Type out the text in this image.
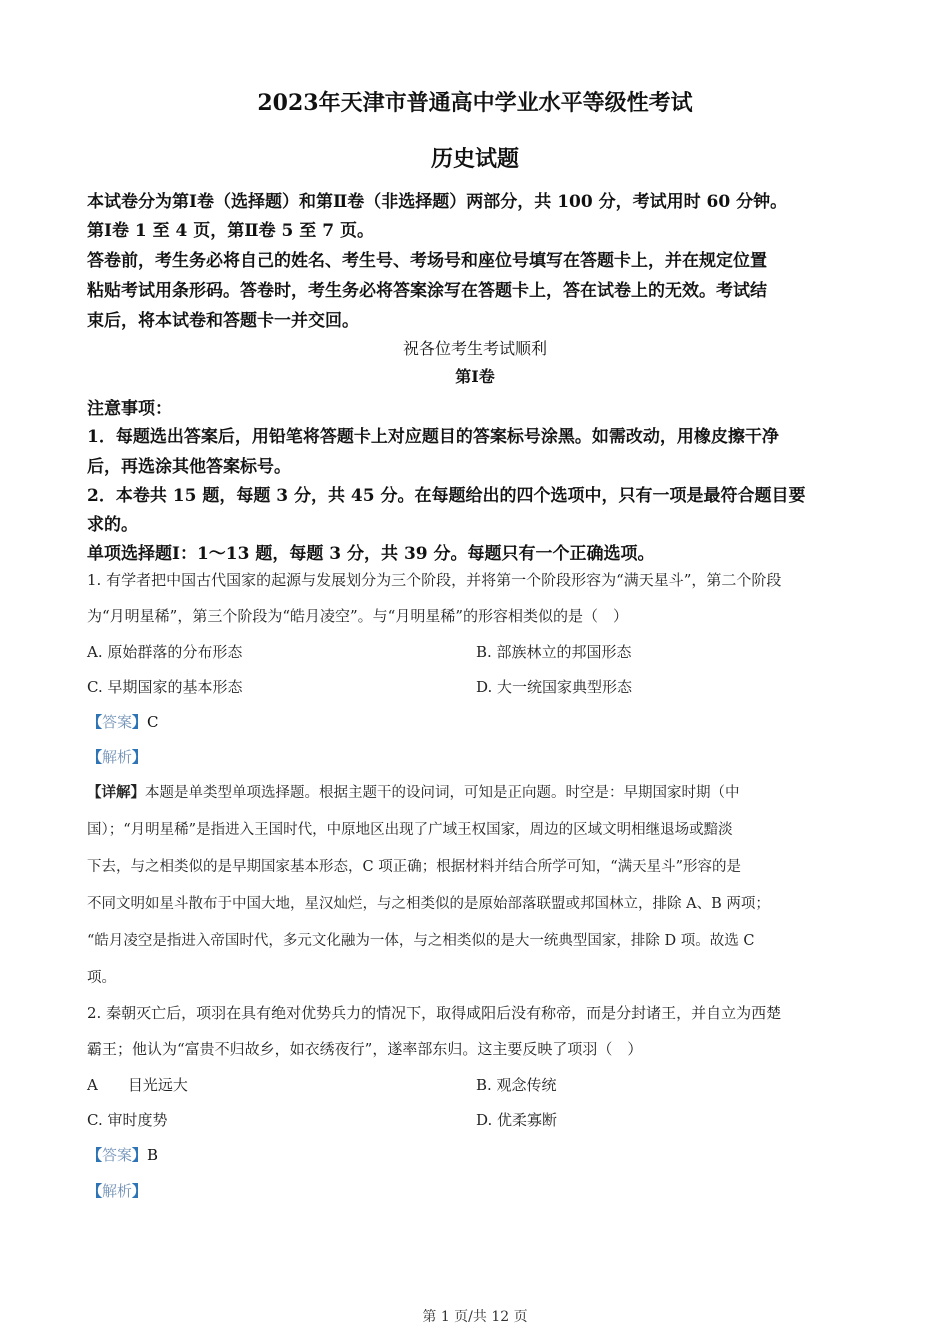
2023年天津市普通高中学业水平等级性考试
历史试题
本试卷分为第Ⅰ卷（选择题）和第Ⅱ卷（非选择题）两部分，共 100 分，考试用时 60 分钟。
第Ⅰ卷 1 至 4 页，第Ⅱ卷 5 至 7 页。
答卷前，考生务必将自己的姓名、考生号、考场号和座位号填写在答题卡上，并在规定位置
粘贴考试用条形码。答卷时，考生务必将答案涂写在答题卡上，答在试卷上的无效。考试结
束后，将本试卷和答题卡一并交回。
祝各位考生考试顺利
第Ⅰ卷
注意事项：
1．每题选出答案后，用铅笔将答题卡上对应题目的答案标号涂黑。如需改动，用橡皮擦干净
后，再选涂其他答案标号。
2．本卷共 15 题，每题 3 分，共 45 分。在每题给出的四个选项中，只有一项是最符合题目要
求的。
单项选择题Ⅰ：1～13 题，每题 3 分，共 39 分。每题只有一个正确选项。
1. 有学者把中国古代国家的起源与发展划分为三个阶段，并将第一个阶段形容为“满天星斗”，第二个阶段
为“月明星稀”，第三个阶段为“皓月凌空”。与“月明星稀”的形容相类似的是（　）
A. 原始群落的分布形态	B. 部族林立的邦国形态
C. 早期国家的基本形态	D. 大一统国家典型形态
【答案】C
【解析】
【详解】本题是单类型单项选择题。根据主题干的设问词，可知是正向题。时空是：早期国家时期（中
国）；“月明星稀”是指进入王国时代，中原地区出现了广域王权国家，周边的区域文明相继退场或黯淡
下去，与之相类似的是早期国家基本形态，C 项正确；根据材料并结合所学可知，“满天星斗”形容的是
不同文明如星斗散布于中国大地，星汉灿烂，与之相类似的是原始部落联盟或邦国林立，排除 A、B 两项；
“皓月凌空是指进入帝国时代，多元文化融为一体，与之相类似的是大一统典型国家，排除 D 项。故选 C
项。
2. 秦朝灭亡后，项羽在具有绝对优势兵力的情况下，取得咸阳后没有称帝，而是分封诸王，并自立为西楚
霸王；他认为“富贵不归故乡，如衣绣夜行”，遂率部东归。这主要反映了项羽（　）
A　　目光远大	B. 观念传统
C. 审时度势	D. 优柔寡断
【答案】B
【解析】
第 1 页/共 12 页
